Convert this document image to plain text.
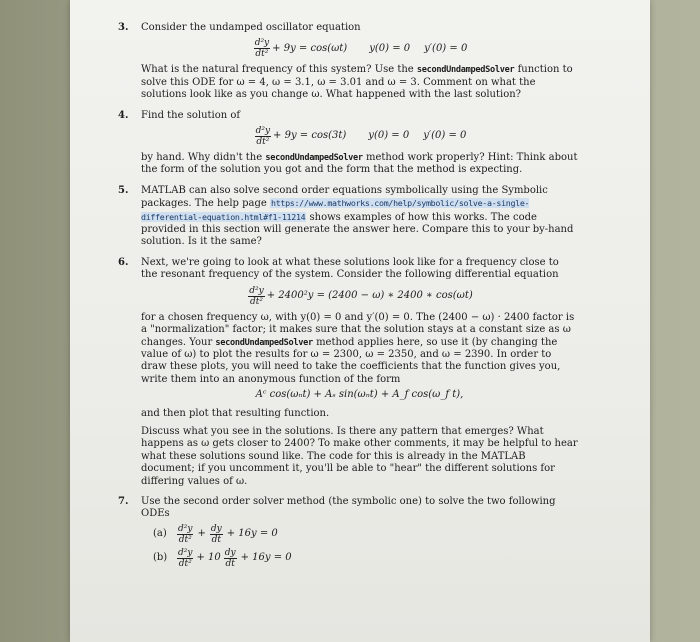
3. Consider the undamped oscillator equation

$\frac{\text{d²y}}{\text{dt²}} + 9y = \cos(\omega t) y(0) = 0$ y′(0) = 0

What is the natural frequency of this system? Use the secondUndampedSolver function to solve this ODE for ω = 4, ω = 3.1, ω = 3.01 and ω = 3. Comment on what the solutions look like as you change ω. What happened with the last solution?

4. Find the solution of

$\frac{\text{d²y}}{\text{dt²}} + 9y = \cos(3t) y(0) = 0$ y′(0) = 0

by hand. Why didn't the secondUndampedSolver method work properly? Hint: Think about the form of the solution you got and the form that the method is expecting.

5. MATLAB can also solve second order equations symbolically using the Symbolic packages. The help page https://www.mathworks.com/help/symbolic/solve-a-single-differential-equation.html#f1-11214 shows examples of how this works. The code provided in this section will generate the answer here. Compare this to your by-hand solution. Is it the same?

6. Next, we're going to look at what these solutions look like for a frequency close to the resonant frequency of the system. Consider the following differential equation

$\frac{\text{d²y}}{\text{dt²}} + 2400^2y = (2400 - \omega)$ ∗ 2400 ∗ cos(ωt)

for a chosen frequency ω, with y(0) = 0 and y′(0) = 0. The (2400 − ω) · 2400 factor is a "normalization" factor; it makes sure that the solution stays at a constant size as ω changes. Your secondUndampedSolver method applies here, so use it (by changing the value of ω) to plot the results for ω = 2300, ω = 2350, and ω = 2390. In order to draw these plots, you will need to take the coefficients that the function gives you, write them into an anonymous function of the form

Aᶜ cos(ωₙt) + Aₛ sin(ωₙt) + A_f cos(ω_f t),

and then plot that resulting function.

Discuss what you see in the solutions. Is there any pattern that emerges? What happens as ω gets closer to 2400? To make other comments, it may be helpful to hear what these solutions sound like. The code for this is already in the MATLAB document; if you uncomment it, you'll be able to "hear" the different solutions for differing values of ω.

7. Use the second order solver method (the symbolic one) to solve the two following ODEs

(a)	$\frac{\text{d²y}}{\text{dt²}} + \frac{dy}{dt} + 16y = 0$
(b)	$\frac{\text{d²y}}{\text{dt²}} + 10 \frac{dy}{dt} + 16y = 0$
